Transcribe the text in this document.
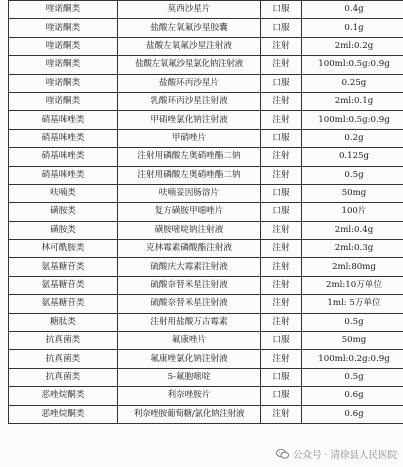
喹诺酮类	莫西沙星片	口服	0.4g
喹诺酮类	盐酸左氧氟沙星胶囊	口服	0.1g
喹诺酮类	盐酸左氧氟沙星注射液	注射	2ml:0.2g
喹诺酮类	盐酸左氧氟沙星氯化钠注射液	注射	100ml:0.5g:0.9g
喹诺酮类	盐酸环丙沙星片	口服	0.25g
喹诺酮类	乳酸环丙沙星注射液	注射	2ml:0.1g
硝基咪唑类	甲硝唑氯化钠注射液	注射	100ml:0.5g:0.9g
硝基咪唑类	甲硝唑片	口服	0.2g
硝基咪唑类	注射用磷酸左奥硝唑酯二钠	注射	0.125g
硝基咪唑类	注射用磷酸左奥硝唑酯二钠	注射	0.5g
呋喃类	呋喃妥因肠溶片	口服	50mg
磺胺类	复方磺胺甲噁唑片	口服	100片
磺胺类	磺胺嘧啶钠注射液	注射	2ml:0.4g
林可酰胺类	克林霉素磷酸酯注射液	注射	2ml:0.3g
氨基糖苷类	硫酸庆大霉素注射液	注射	2ml:80mg
氨基糖苷类	硫酸奈替米星注射液	注射	2ml:10万单位
氨基糖苷类	硫酸奈替米星注射液	注射	1ml: 5万单位
糖肽类	注射用盐酸万古霉素	注射	0.5g
抗真菌类	氟康唑片	口服	50mg
抗真菌类	氟康唑氯化钠注射液	注射	100ml:0.2g:0.9g
抗真菌类	5-氟胞嘧啶	口服	0.5g
恶唑烷酮类	利奈唑胺片	口服	0.6g
恶唑烷酮类	利奈唑胺葡萄糖/氯化钠注射液	注射	0.6g
公众号 · 清徐县人民医院
